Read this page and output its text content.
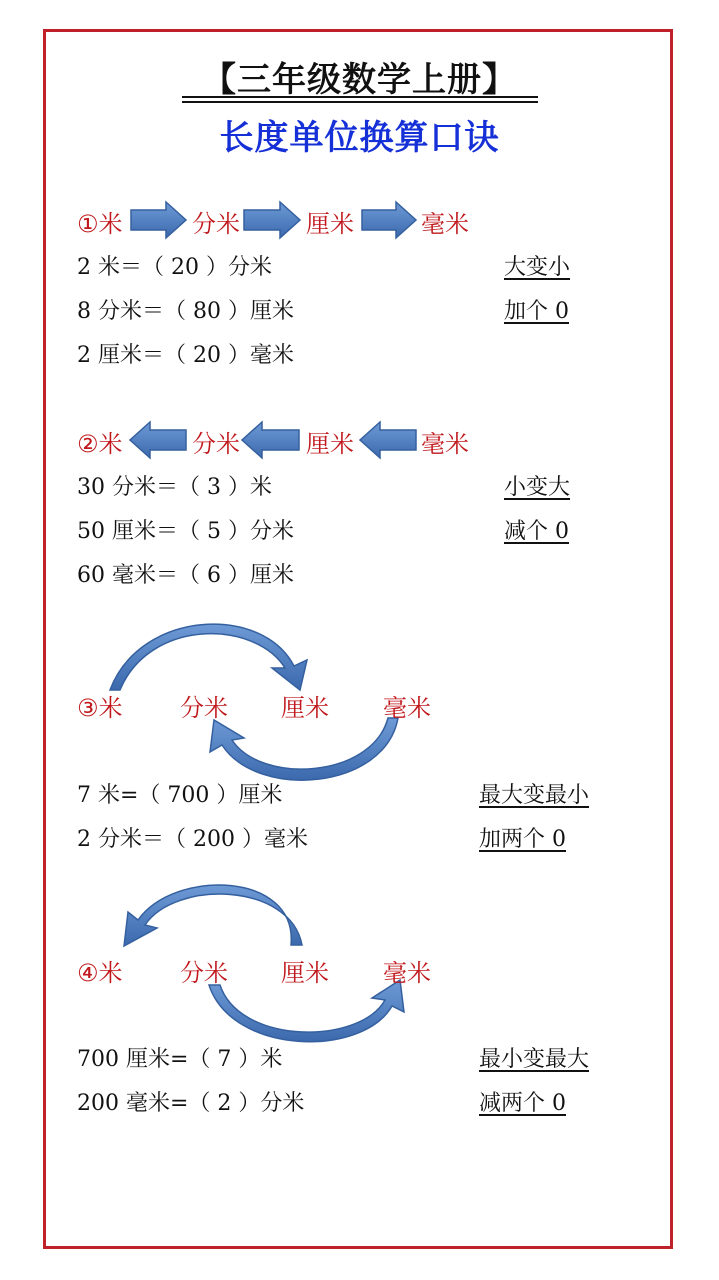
【三年级数学上册】
长度单位换算口诀
①米	分米	厘米	毫米
2 米＝（ 20 ）分米
8 分米＝（ 80 ）厘米
2 厘米＝（ 20 ）毫米
大变小
加个 0
②米	分米	厘米	毫米
30 分米＝（ 3 ）米
50 厘米＝（ 5 ）分米
60 毫米＝（ 6 ）厘米
小变大
减个 0
③米 分米 厘米 毫米
7 米=（ 700 ）厘米
2 分米＝（ 200 ）毫米
最大变最小
加两个 0
④米 分米 厘米 毫米
700 厘米=（ 7 ）米
200 毫米=（ 2 ）分米
最小变最大
减两个 0
